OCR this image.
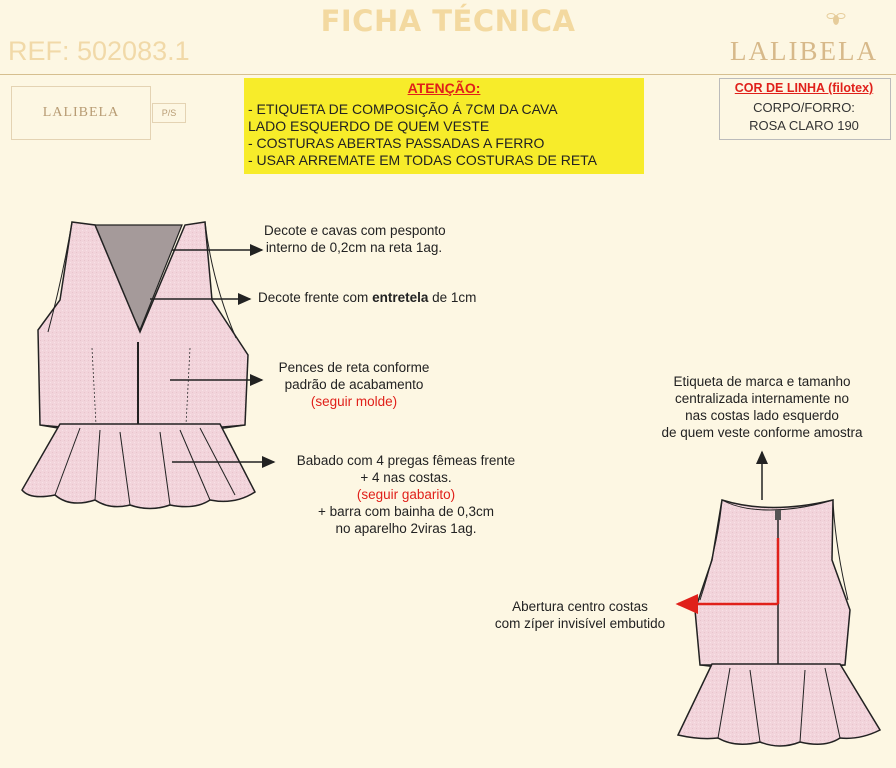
FICHA TÉCNICA
REF: 502083.1	LALIBELA
LALIBELA	P/S
ATENÇÃO:
- ETIQUETA DE COMPOSIÇÃO Á 7CM DA CAVA
LADO ESQUERDO DE QUEM VESTE
- COSTURAS ABERTAS PASSADAS A FERRO
- USAR ARREMATE EM TODAS COSTURAS DE RETA
COR DE LINHA (filotex)
CORPO/FORRO:
ROSA CLARO 190
Decote e cavas com pesponto
interno de 0,2cm na reta 1ag.
Decote frente com entretela de 1cm
Pences de reta conforme
padrão de acabamento
(seguir molde)
Babado com 4 pregas fêmeas frente
+ 4 nas costas.
(seguir gabarito)
+ barra com bainha de 0,3cm
no aparelho 2viras 1ag.
Etiqueta de marca e tamanho
centralizada internamente no
nas costas lado esquerdo
de quem veste conforme amostra
Abertura centro costas
com zíper invisível embutido
